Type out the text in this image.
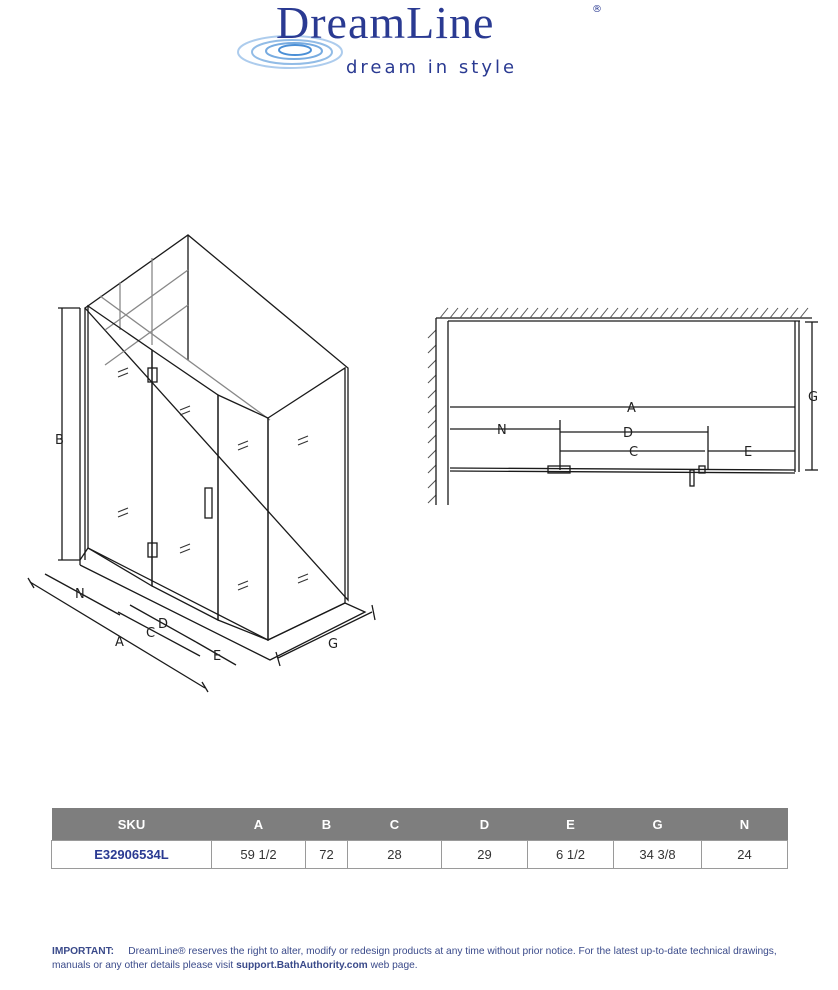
DreamLine	®
dream in style
B
N
D
C
A
E
G
A
N	D
C	E
G
SKU	A	B	C	D	E	G	N
E32906534L	59 1/2	72	28	29	6 1/2	34 3/8	24
IMPORTANT: DreamLine® reserves the right to alter, modify or redesign products at any time without prior notice. For the latest up-to-date technical drawings, manuals or any other details please visit support.BathAuthority.com web page.
